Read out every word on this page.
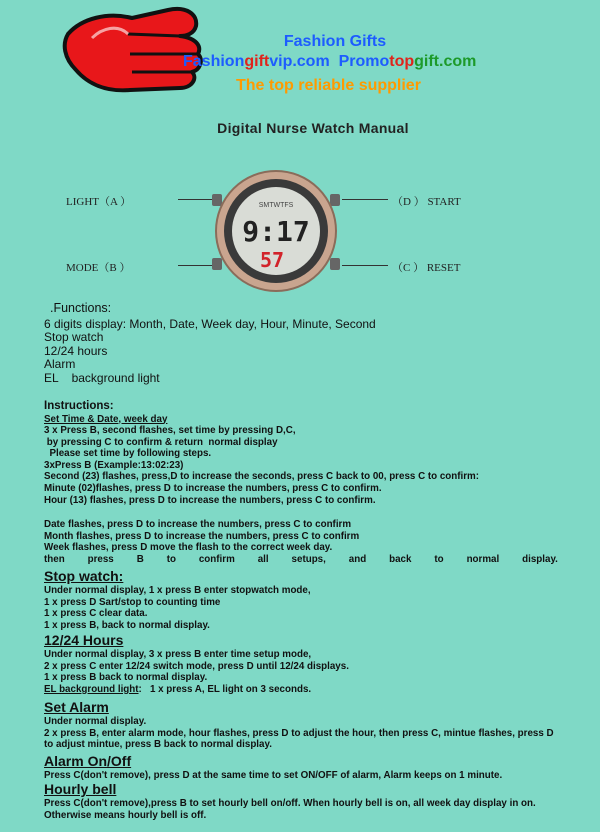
Fashion Gifts
Fashiongiftvip.com Promotopgift.com
The top reliable supplier
Digital Nurse Watch Manual
LIGHT（A ）
MODE（B ）
（D ） START
（C ） RESET
SMTWTFS
9:17
57
.Functions:
6 digits display: Month, Date, Week day, Hour, Minute, Second
Stop watch
12/24 hours
Alarm
EL    background light
Instructions:
Set Time & Date, week day
3 x Press B, second flashes, set time by pressing D,C,
by pressing C to confirm & return  normal display
Please set time by following steps.
3xPress B (Example:13:02:23)
Second (23) flashes, press,D to increase the seconds, press C back to 00, press C to confirm:
Minute (02)flashes, press D to increase the numbers, press C to confirm.
Hour (13) flashes, press D to increase the numbers, press C to confirm.
Date flashes, press D to increase the numbers, press C to confirm
Month flashes, press D to increase the numbers, press C to confirm
Week flashes, press D move the flash to the correct week day.
then press B to confirm all setups, and back to normal display.
Stop watch:
Under normal display, 1 x press B enter stopwatch mode,
1 x press D Sart/stop to counting time
1 x press C clear data.
1 x press B, back to normal display.
12/24 Hours
Under normal display, 3 x press B enter time setup mode,
2 x press C enter 12/24 switch mode, press D until 12/24 displays.
1 x press B back to normal display.
EL background light:   1 x press A, EL light on 3 seconds.
Set Alarm
Under normal display.
2 x press B, enter alarm mode, hour flashes, press D to adjust the hour, then press C, mintue flashes, press D
to adjust mintue, press B back to normal display.
Alarm On/Off
Press C(don't remove), press D at the same time to set ON/OFF of alarm, Alarm keeps on 1 minute.
Hourly bell
Press C(don't remove),press B to set hourly bell on/off. When hourly bell is on, all week day display in on.
Otherwise means hourly bell is off.
